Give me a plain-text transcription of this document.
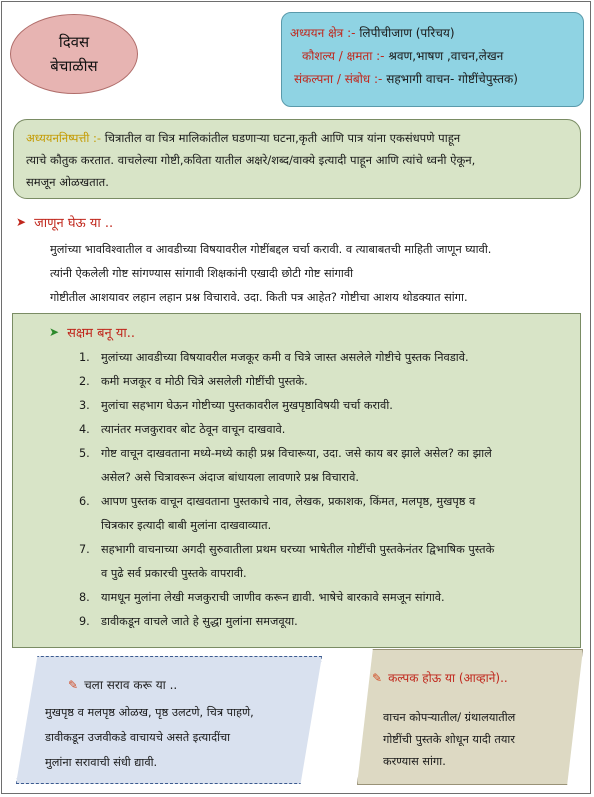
दिवस
बेचाळीस
अध्ययन क्षेत्र :- लिपीचीजाण (परिचय)
कौशल्य / क्षमता :- श्रवण,भाषण ,वाचन,लेखन
संकल्पना / संबोध :- सहभागी वाचन- गोष्टींचेपुस्तक)
अध्ययननिष्पत्ती :- चित्रातील वा चित्र मालिकांतील घडणाऱ्या घटना,कृती आणि पात्र यांना एकसंधपणे पाहून
त्याचे कौतुक करतात. वाचलेल्या गोष्टी,कविता यातील अक्षरे/शब्द/वाक्ये इत्यादी पाहून आणि त्यांचे ध्वनी ऐकून,
समजून ओळखतात.
➤ जाणून घेऊ या ..
मुलांच्या भावविश्वातील व आवडीच्या विषयावरील गोष्टींबद्दल चर्चा करावी. व त्याबाबतची माहिती जाणून घ्यावी.
त्यांनी ऐकलेली गोष्ट सांगण्यास सांगावी शिक्षकांनी एखादी छोटी गोष्ट सांगावी
गोष्टीतील आशयावर लहान लहान प्रश्न विचारावे. उदा. किती पत्र आहेत? गोष्टीचा आशय थोडक्यात सांगा.
➤ सक्षम बनू या..
1. मुलांच्या आवडीच्या विषयावरील मजकूर कमी व चित्रे जास्त असलेले गोष्टीचे पुस्तक निवडावे.
2. कमी मजकूर व मोठी चित्रे असलेली गोष्टींची पुस्तके.
3. मुलांचा सहभाग घेऊन गोष्टीच्या पुस्तकावरील मुखपृष्ठाविषयी चर्चा करावी.
4. त्यानंतर मजकुरावर बोट ठेवून वाचून दाखवावे.
5. गोष्ट वाचून दाखवताना मध्ये-मध्ये काही प्रश्न विचारूया, उदा. जसे काय बर झाले असेल? का झाले
असेल? असे चित्रावरून अंदाज बांधायला लावणारे प्रश्न विचारावे.
6. आपण पुस्तक वाचून दाखवताना पुस्तकाचे नाव, लेखक, प्रकाशक, किंमत, मलपृष्ठ, मुखपृष्ठ व
चित्रकार इत्यादी बाबी मुलांना दाखवाव्यात.
7. सहभागी वाचनाच्या अगदी सुरुवातीला प्रथम घरच्या भाषेतील गोष्टींची पुस्तकेनंतर द्विभाषिक पुस्तके
व पुढे सर्व प्रकारची पुस्तके वापरावी.
8. यामधून मुलांना लेखी मजकुराची जाणीव करून द्यावी. भाषेचे बारकावे समजून सांगावे.
9. डावीकडून वाचले जाते हे सुद्धा मुलांना समजवूया.
✎ चला सराव करू या ..
मुखपृष्ठ व मलपृष्ठ ओळख, पृष्ठ उलटणे, चित्र पाहणे,
डावीकडून उजवीकडे वाचायचे असते इत्यादींचा
मुलांना सरावाची संधी द्यावी.
✎ कल्पक होऊ या (आव्हाने)..
वाचन कोपऱ्यातील/ ग्रंथालयातील
गोष्टींची पुस्तके शोधून यादी तयार
करण्यास सांगा.
